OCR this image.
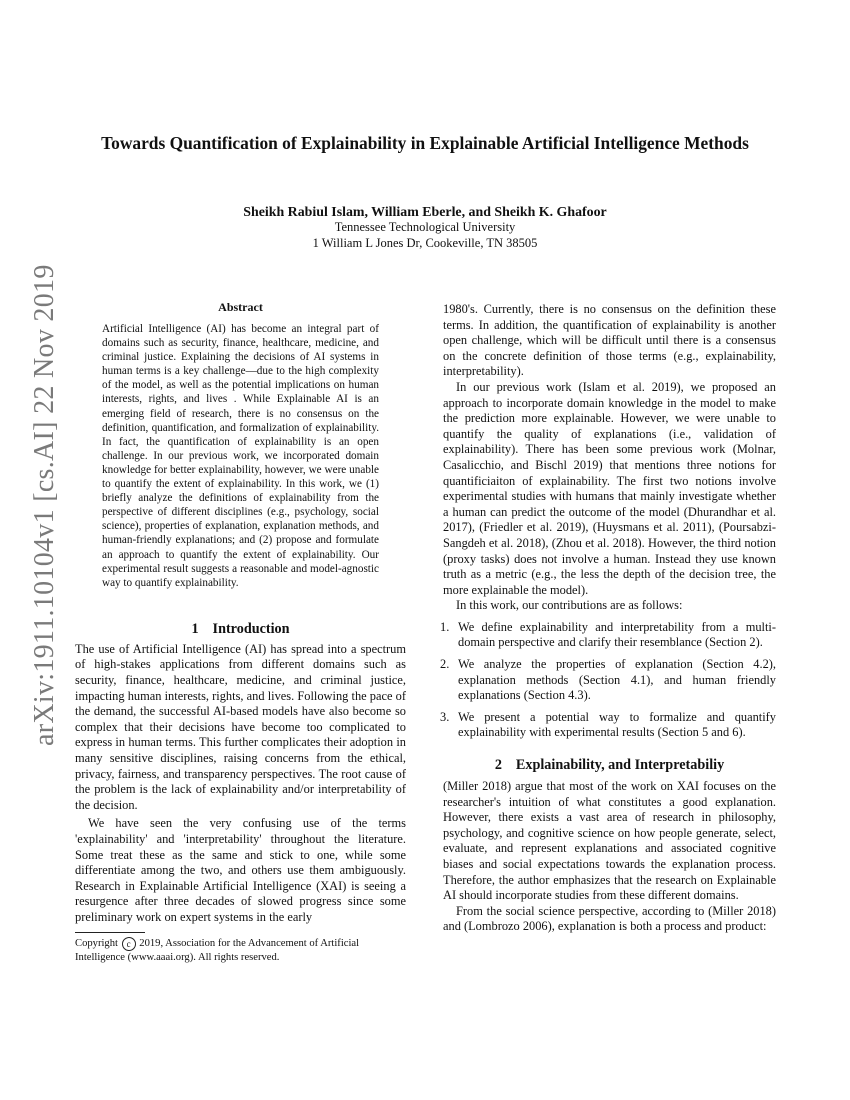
arXiv:1911.10104v1 [cs.AI] 22 Nov 2019
Towards Quantification of Explainability in Explainable Artificial Intelligence Methods
Sheikh Rabiul Islam, William Eberle, and Sheikh K. Ghafoor
Tennessee Technological University
1 William L Jones Dr, Cookeville, TN 38505
Abstract

Artificial Intelligence (AI) has become an integral part of domains such as security, finance, healthcare, medicine, and criminal justice. Explaining the decisions of AI systems in human terms is a key challenge—due to the high complexity of the model, as well as the potential implications on human interests, rights, and lives . While Explainable AI is an emerging field of research, there is no consensus on the definition, quantification, and formalization of explainability. In fact, the quantification of explainability is an open challenge. In our previous work, we incorporated domain knowledge for better explainability, however, we were unable to quantify the extent of explainability. In this work, we (1) briefly analyze the definitions of explainability from the perspective of different disciplines (e.g., psychology, social science), properties of explanation, explanation methods, and human-friendly explanations; and (2) propose and formulate an approach to quantify the extent of explainability. Our experimental result suggests a reasonable and model-agnostic way to quantify explainability.

1 Introduction

The use of Artificial Intelligence (AI) has spread into a spectrum of high-stakes applications from different domains such as security, finance, healthcare, medicine, and criminal justice, impacting human interests, rights, and lives. Following the pace of the demand, the successful AI-based models have also become so complex that their decisions have become too complicated to express in human terms. This further complicates their adoption in many sensitive disciplines, raising concerns from the ethical, privacy, fairness, and transparency perspectives. The root cause of the problem is the lack of explainability and/or interpretability of the decision.

We have seen the very confusing use of the terms 'explainability' and 'interpretability' throughout the literature. Some treat these as the same and stick to one, while some differentiate among the two, and others use them ambiguously. Research in Explainable Artificial Intelligence (XAI) is seeing a resurgence after three decades of slowed progress since some preliminary work on expert systems in the early

Copyright c 2019, Association for the Advancement of Artificial Intelligence (www.aaai.org). All rights reserved.

1980's. Currently, there is no consensus on the definition these terms. In addition, the quantification of explainability is another open challenge, which will be difficult until there is a consensus on the concrete definition of those terms (e.g., explainability, interpretability).

In our previous work (Islam et al. 2019), we proposed an approach to incorporate domain knowledge in the model to make the prediction more explainable. However, we were unable to quantify the quality of explanations (i.e., validation of explainability). There has been some previous work (Molnar, Casalicchio, and Bischl 2019) that mentions three notions for quantificiaiton of explainability. The first two notions involve experimental studies with humans that mainly investigate whether a human can predict the outcome of the model (Dhurandhar et al. 2017), (Friedler et al. 2019), (Huysmans et al. 2011), (Poursabzi-Sangdeh et al. 2018), (Zhou et al. 2018). However, the third notion (proxy tasks) does not involve a human. Instead they use known truth as a metric (e.g., the less the depth of the decision tree, the more explainable the model).

In this work, our contributions are as follows:

1. We define explainability and interpretability from a multi-domain perspective and clarify their resemblance (Section 2).
2. We analyze the properties of explanation (Section 4.2), explanation methods (Section 4.1), and human friendly explanations (Section 4.3).
3. We present a potential way to formalize and quantify explainability with experimental results (Section 5 and 6).
2 Explainability, and Interpretabiliy

(Miller 2018) argue that most of the work on XAI focuses on the researcher's intuition of what constitutes a good explanation. However, there exists a vast area of research in philosophy, psychology, and cognitive science on how people generate, select, evaluate, and represent explanations and associated cognitive biases and social expectations towards the explanation process. Therefore, the author emphasizes that the research on Explainable AI should incorporate studies from these different domains.

From the social science perspective, according to (Miller 2018) and (Lombrozo 2006), explanation is both a process and product:
